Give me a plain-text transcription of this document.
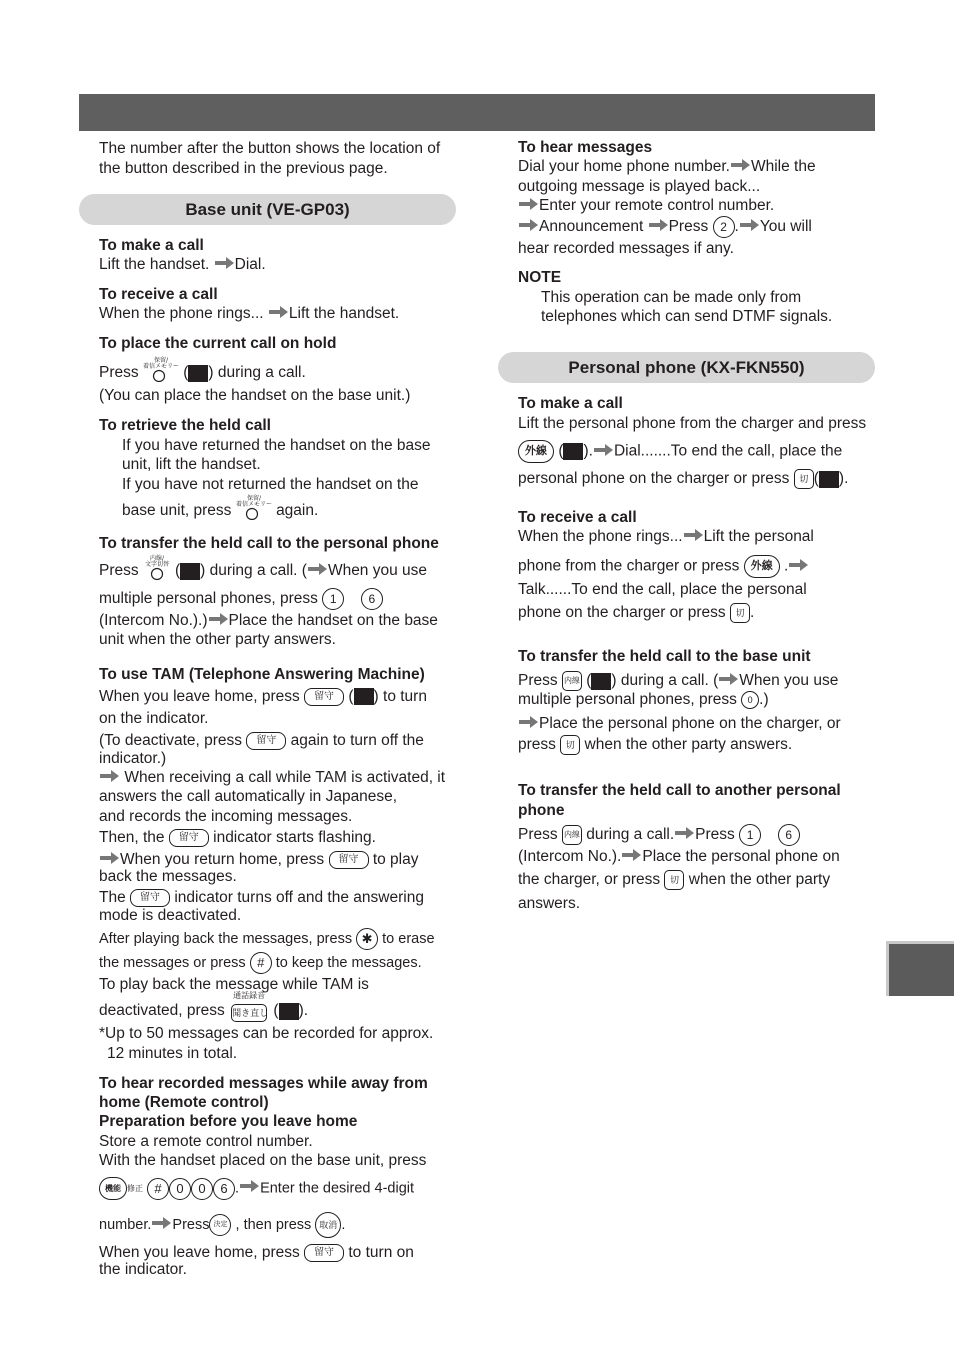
The number after the button shows the location of
the button described in the previous page.
Base unit (VE-GP03)
To make a call
Lift the handset. Dial.
To receive a call
When the phone rings... Lift the handset.
To place the current call on hold
Press
保留/
着信メモリー ( ) during a call.
(You can place the handset on the base unit.)
To retrieve the held call
If you have returned the handset on the base
unit, lift the handset.
If you have not returned the handset on the
base unit, press
保留/
着信メモリー again.
To transfer the held call to the personal phone
Press
内線/
文字切替 ( ) during a call. ( When you use
multiple personal phones, press 1	6
(Intercom No.).) Place the handset on the base
unit when the other party answers.
To use TAM (Telephone Answering Machine)
When you leave home, press 留守 ( ) to turn
on the indicator.
(To deactivate, press 留守 again to turn off the
indicator.)
When receiving a call while TAM is activated, it
answers the call automatically in Japanese,
and records the incoming messages.
Then, the 留守 indicator starts flashing.
When you return home, press 留守 to play
back the messages.
The 留守 indicator turns off and the answering
mode is deactivated.
After playing back the messages, press ✱ to erase
the messages or press # to keep the messages.
To play back the message while TAM is
deactivated, press
通話録音
聞き直し ( ).
*Up to 50 messages can be recorded for approx.
12 minutes in total.
To hear recorded messages while away from
home (Remote control)
Preparation before you leave home
Store a remote control number.
With the handset placed on the base unit, press
機能 修正 # 0 0 6 . Enter the desired 4-digit
number. Press 決定 , then press 取消 .
When you leave home, press 留守 to turn on
the indicator.
To hear messages
Dial your home phone number. While the
outgoing message is played back...
Enter your remote control number.
Announcement Press 2 . You will
hear recorded messages if any.
NOTE
This operation can be made only from
telephones which can send DTMF signals.
Personal phone (KX-FKN550)
To make a call
Lift the personal phone from the charger and press
外線 ( ). Dial.......To end the call, place the
personal phone on the charger or press 切 ( ).
To receive a call
When the phone rings... Lift the personal
phone from the charger or press 外線 .
Talk......To end the call, place the personal
phone on the charger or press 切 .
To transfer the held call to the base unit
Press 内線 ( ) during a call. ( When you use
multiple personal phones, press 0 .)
Place the personal phone on the charger, or
press 切 when the other party answers.
To transfer the held call to another personal
phone
Press 内線 during a call. Press 1	6
(Intercom No.). Place the personal phone on
the charger, or press 切 when the other party
answers.
